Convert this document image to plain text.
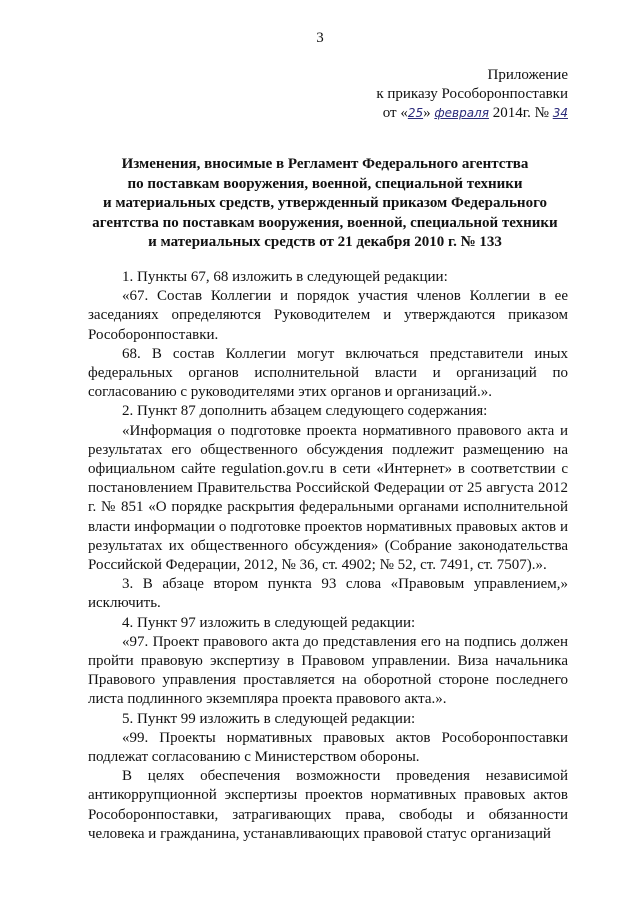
3
Приложение
к приказу Рособоронпоставки
от «25» февраля 2014г. № 34
Изменения, вносимые в Регламент Федерального агентства
по поставкам вооружения, военной, специальной техники
и материальных средств, утвержденный приказом Федерального
агентства по поставкам вооружения, военной, специальной техники
и материальных средств от 21 декабря 2010 г. № 133

1. Пункты 67, 68 изложить в следующей редакции:

«67. Состав Коллегии и порядок участия членов Коллегии в ее заседаниях определяются Руководителем и утверждаются приказом Рособоронпоставки.

68. В состав Коллегии могут включаться представители иных федеральных органов исполнительной власти и организаций по согласованию с руководителями этих органов и организаций.».

2. Пункт 87 дополнить абзацем следующего содержания:

«Информация о подготовке проекта нормативного правового акта и результатах его общественного обсуждения подлежит размещению на официальном сайте regulation.gov.ru в сети «Интернет» в соответствии с постановлением Правительства Российской Федерации от 25 августа 2012 г. № 851 «О порядке раскрытия федеральными органами исполнительной власти информации о подготовке проектов нормативных правовых актов и результатах их общественного обсуждения» (Собрание законодательства Российской Федерации, 2012, № 36, ст. 4902; № 52, ст. 7491, ст. 7507).».

3. В абзаце втором пункта 93 слова «Правовым управлением,» исключить.

4. Пункт 97 изложить в следующей редакции:

«97. Проект правового акта до представления его на подпись должен пройти правовую экспертизу в Правовом управлении. Виза начальника Правового управления проставляется на оборотной стороне последнего листа подлинного экземпляра проекта правового акта.».

5. Пункт 99 изложить в следующей редакции:

«99. Проекты нормативных правовых актов Рособоронпоставки подлежат согласованию с Министерством обороны.

В целях обеспечения возможности проведения независимой антикоррупционной экспертизы проектов нормативных правовых актов Рособоронпоставки, затрагивающих права, свободы и обязанности человека и гражданина, устанавливающих правовой статус организаций
